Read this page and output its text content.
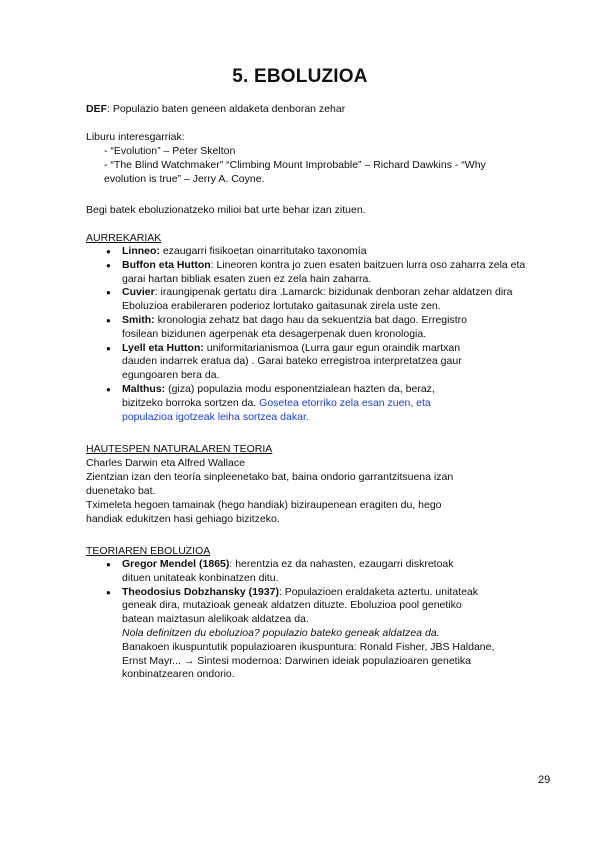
5. EBOLUZIOA
DEF: Populazio baten geneen aldaketa denboran zehar
Liburu interesgarriak:
- “Evolution” – Peter Skelton
- “The Blind Watchmaker” “Climbing Mount Improbable” – Richard Dawkins - “Why
evolution is true” – Jerry A. Coyne.
Begi batek eboluzionatzeko milioi bat urte behar izan zituen.
AURREKARIAK
● Linneo: ezaugarri fisikoetan oinarritutako taxonomía
● Buffon eta Hutton: Lineoren kontra jo zuen esaten baitzuen lurra oso zaharra zela eta
garai hartan bibliak esaten zuen ez zela hain zaharra.
● Cuvier: iraungipenak gertatu dira .Lamarck: bizidunak denboran zehar aldatzen dira
Eboluzioa erabileraren poderioz lortutako gaitasunak zirela uste zen.
● Smith: kronologia zehatz bat dago hau da sekuentzia bat dago. Erregistro
fosilean bizidunen agerpenak eta desagerpenak duen kronologia.
● Lyell eta Hutton: uniformitarianismoa (Lurra gaur egun oraindik martxan
dauden indarrek eratua da) . Garai bateko erregistroa interpretatzea gaur
egungoaren bera da.
● Malthus: (giza) populazia modu esponentzialean hazten da, beraz,
bizitzeko borroka sortzen da. Gosetea etorriko zela esan zuen, eta
populazioa igotzeak leiha sortzea dakar.
HAUTESPEN NATURALAREN TEORIA
Charles Darwin eta Alfred Wallace
Zientzian izan den teoría sinpleenetako bat, baina ondorio garrantzitsuena izan
duenetako bat.
Tximeleta hegoen tamainak (hego handiak) biziraupenean eragiten du, hego
handiak edukitzen hasi gehiago bizitzeko.
TEORIAREN EBOLUZIOA
● Gregor Mendel (1865): herentzia ez da nahasten, ezaugarri diskretoak
dituen unitateak konbinatzen ditu.
● Theodosius Dobzhansky (1937): Populazioen eraldaketa aztertu. unitateak
geneak dira, mutazioak geneak aldatzen dituzte. Eboluzioa pool genetiko
batean maiztasun alelikoak aldatzea da.
Nola definitzen du eboluzioa? populazio bateko geneak aldatzea da.
Banakoen ikuspuntutik populazioaren ikuspuntura: Ronald Fisher, JBS Haldane,
Ernst Mayr... → Sintesi modernoa: Darwinen ideiak populazioaren genetika
konbinatzearen ondorio.
29
